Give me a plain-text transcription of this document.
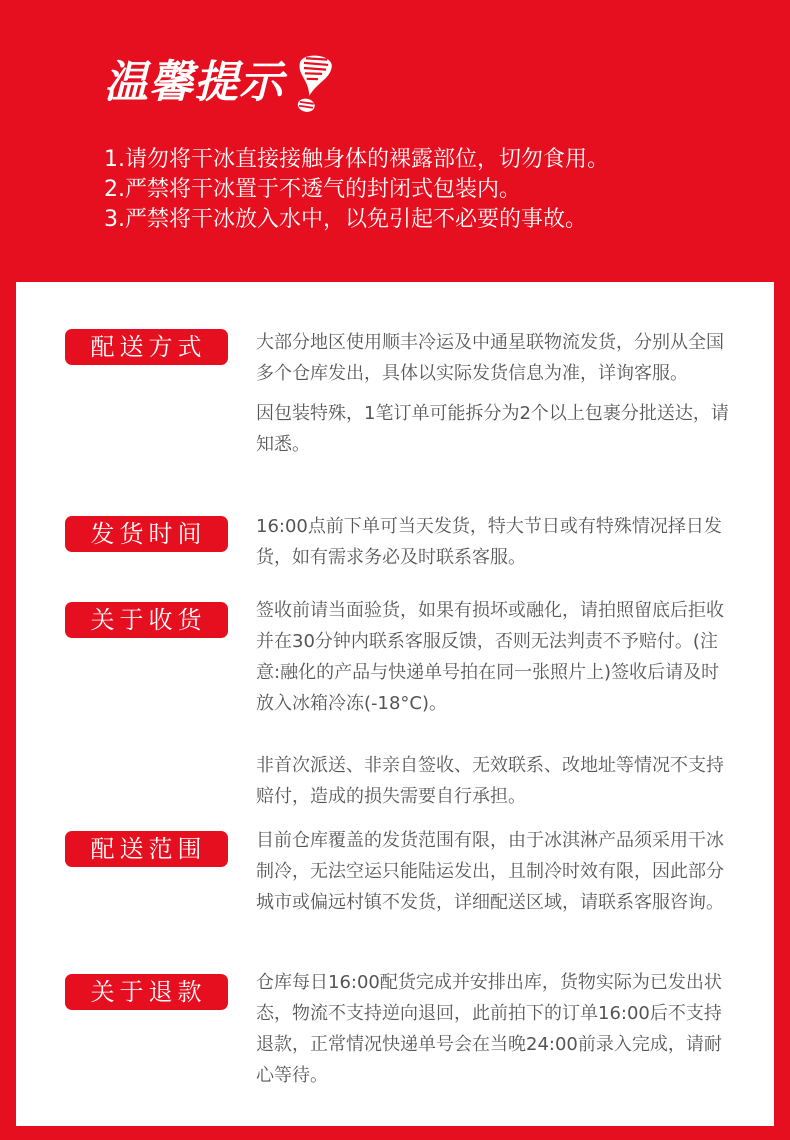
温馨提示
1.请勿将干冰直接接触身体的裸露部位，切勿食用。
2.严禁将干冰置于不透气的封闭式包装内。
3.严禁将干冰放入水中，以免引起不必要的事故。
配送方式	大部分地区使用顺丰冷运及中通星联物流发货，分别从全国多个仓库发出，具体以实际发货信息为准，详询客服。

因包装特殊，1笔订单可能拆分为2个以上包裹分批送达，请知悉。

发货时间	16:00点前下单可当天发货，特大节日或有特殊情况择日发货，如有需求务必及时联系客服。

关于收货	签收前请当面验货，如果有损坏或融化，请拍照留底后拒收并在30分钟内联系客服反馈，否则无法判责不予赔付。(注意:融化的产品与快递单号拍在同一张照片上)签收后请及时放入冰箱冷冻(-18°C)。

非首次派送、非亲自签收、无效联系、改地址等情况不支持赔付，造成的损失需要自行承担。

配送范围	目前仓库覆盖的发货范围有限，由于冰淇淋产品须采用干冰制冷，无法空运只能陆运发出，且制冷时效有限，因此部分城市或偏远村镇不发货，详细配送区域，请联系客服咨询。

关于退款	仓库每日16:00配货完成并安排出库，货物实际为已发出状态，物流不支持逆向退回，此前拍下的订单16:00后不支持退款，正常情况快递单号会在当晚24:00前录入完成，请耐心等待。
